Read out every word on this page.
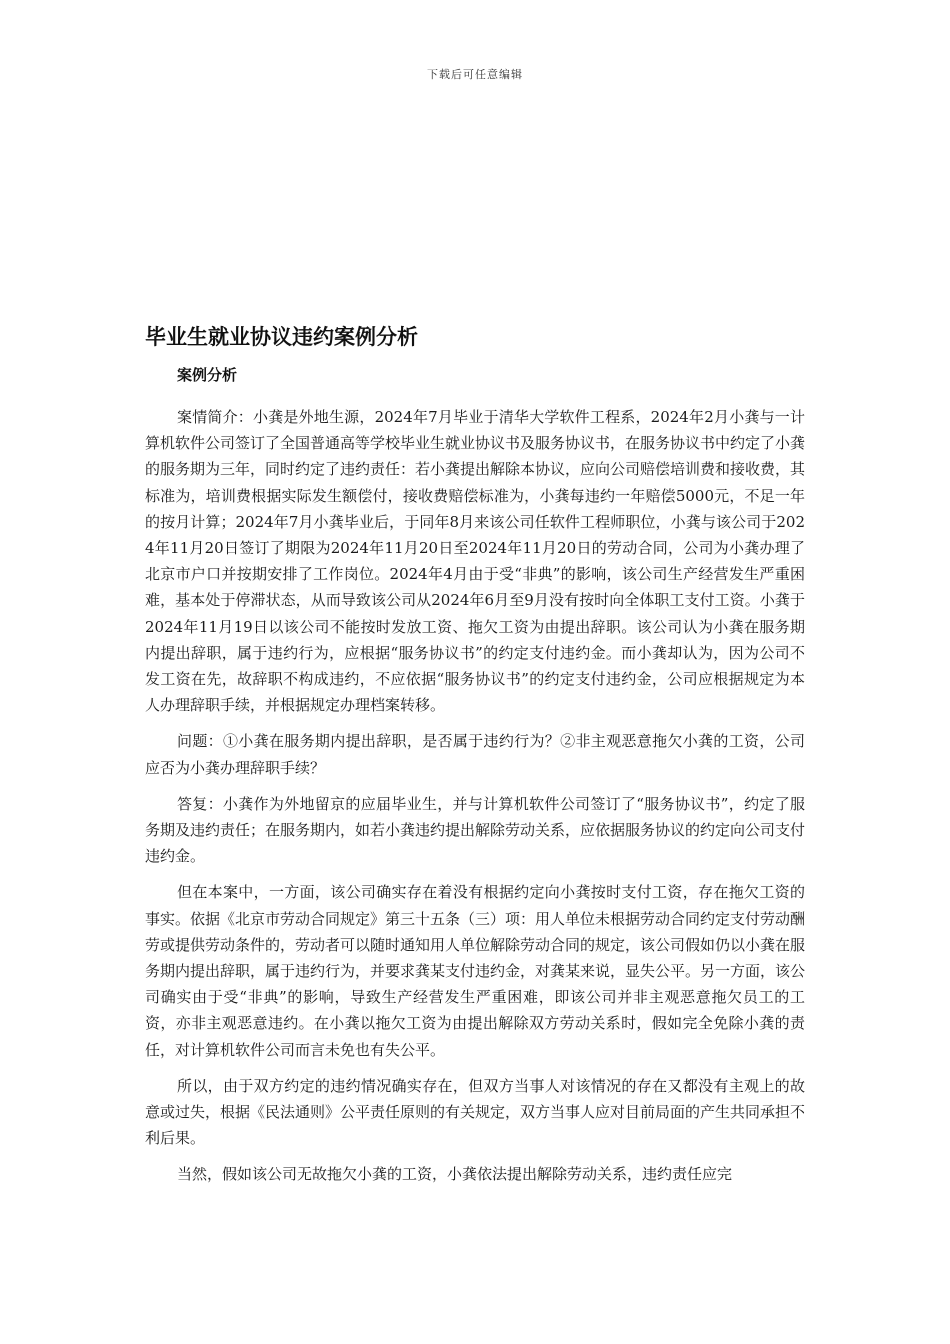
下载后可任意编辑
毕业生就业协议违约案例分析
案例分析

案情简介：小龚是外地生源，2024年7月毕业于清华大学软件工程系，2024年2月小龚与一计算机软件公司签订了全国普通高等学校毕业生就业协议书及服务协议书，在服务协议书中约定了小龚的服务期为三年，同时约定了违约责任：若小龚提出解除本协议，应向公司赔偿培训费和接收费，其标准为，培训费根据实际发生额偿付，接收费赔偿标准为，小龚每违约一年赔偿5000元，不足一年的按月计算；2024年7月小龚毕业后，于同年8月来该公司任软件工程师职位，小龚与该公司于2024年11月20日签订了期限为2024年11月20日至2024年11月20日的劳动合同，公司为小龚办理了北京市户口并按期安排了工作岗位。2024年4月由于受“非典”的影响，该公司生产经营发生严重困难，基本处于停滞状态，从而导致该公司从2024年6月至9月没有按时向全体职工支付工资。小龚于2024年11月19日以该公司不能按时发放工资、拖欠工资为由提出辞职。该公司认为小龚在服务期内提出辞职，属于违约行为，应根据“服务协议书”的约定支付违约金。而小龚却认为，因为公司不发工资在先，故辞职不构成违约，不应依据“服务协议书”的约定支付违约金，公司应根据规定为本人办理辞职手续，并根据规定办理档案转移。

问题：①小龚在服务期内提出辞职，是否属于违约行为？②非主观恶意拖欠小龚的工资，公司应否为小龚办理辞职手续？

答复：小龚作为外地留京的应届毕业生，并与计算机软件公司签订了“服务协议书”，约定了服务期及违约责任；在服务期内，如若小龚违约提出解除劳动关系，应依据服务协议的约定向公司支付违约金。

但在本案中，一方面，该公司确实存在着没有根据约定向小龚按时支付工资，存在拖欠工资的事实。依据《北京市劳动合同规定》第三十五条（三）项：用人单位未根据劳动合同约定支付劳动酬劳或提供劳动条件的，劳动者可以随时通知用人单位解除劳动合同的规定，该公司假如仍以小龚在服务期内提出辞职，属于违约行为，并要求龚某支付违约金，对龚某来说，显失公平。另一方面，该公司确实由于受“非典”的影响，导致生产经营发生严重困难，即该公司并非主观恶意拖欠员工的工资，亦非主观恶意违约。在小龚以拖欠工资为由提出解除双方劳动关系时，假如完全免除小龚的责任，对计算机软件公司而言未免也有失公平。

所以，由于双方约定的违约情况确实存在，但双方当事人对该情况的存在又都没有主观上的故意或过失，根据《民法通则》公平责任原则的有关规定，双方当事人应对目前局面的产生共同承担不利后果。

当然，假如该公司无故拖欠小龚的工资，小龚依法提出解除劳动关系，违约责任应完
